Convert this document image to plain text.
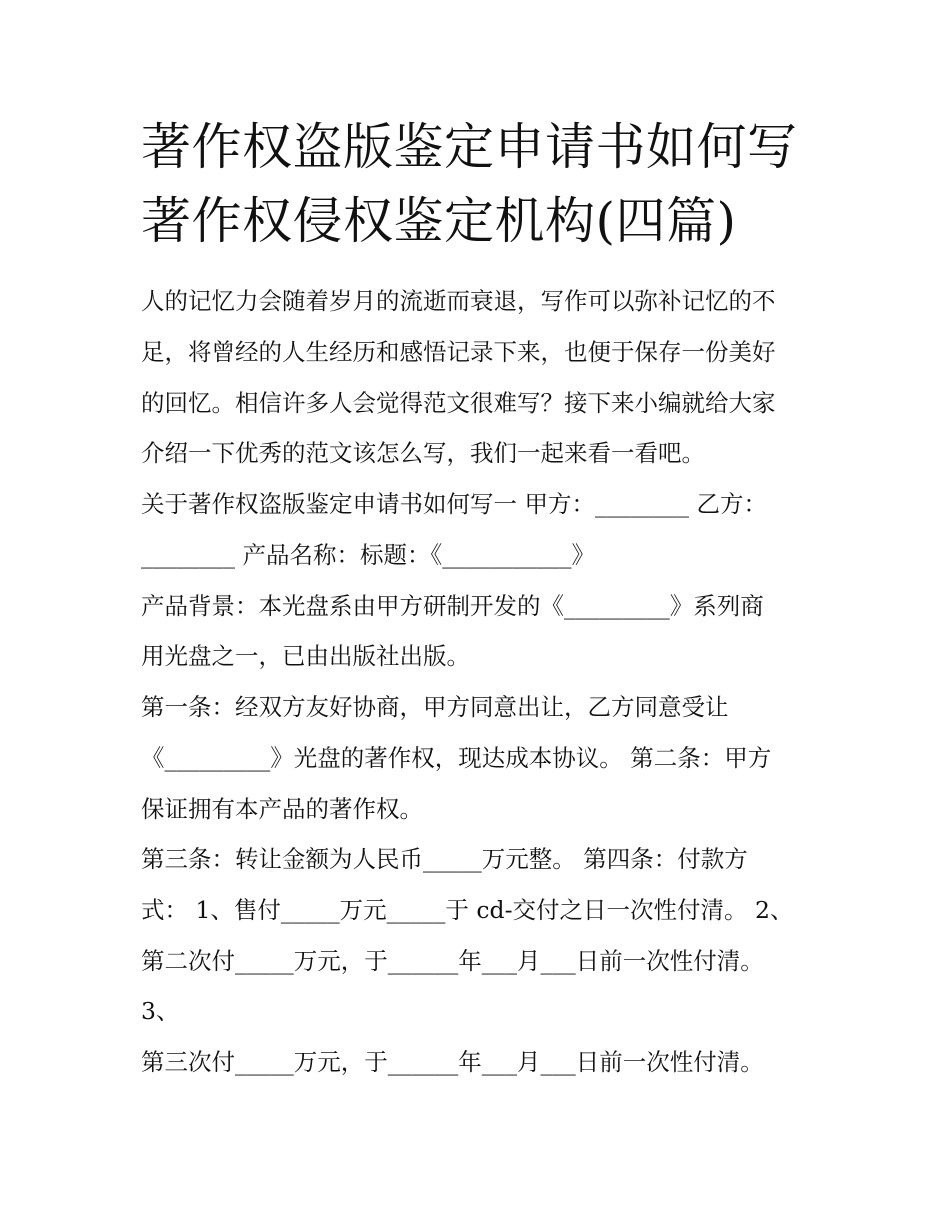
著作权盗版鉴定申请书如何写
著作权侵权鉴定机构(四篇)

人的记忆力会随着岁月的流逝而衰退，写作可以弥补记忆的不

足，将曾经的人生经历和感悟记录下来，也便于保存一份美好

的回忆。相信许多人会觉得范文很难写？接下来小编就给大家

介绍一下优秀的范文该怎么写，我们一起来看一看吧。

关于著作权盗版鉴定申请书如何写一 甲方：________ 乙方：

________ 产品名称：标题：《___________》

产品背景：本光盘系由甲方研制开发的《_________》系列商

用光盘之一，已由出版社出版。

第一条：经双方友好协商，甲方同意出让，乙方同意受让

《_________》光盘的著作权，现达成本协议。 第二条：甲方

保证拥有本产品的著作权。

第三条：转让金额为人民币_____万元整。 第四条：付款方

式： 1、售付_____万元_____于 cd-交付之日一次性付清。 2、

第二次付_____万元，于______年___月___日前一次性付清。

3、

第三次付_____万元，于______年___月___日前一次性付清。
